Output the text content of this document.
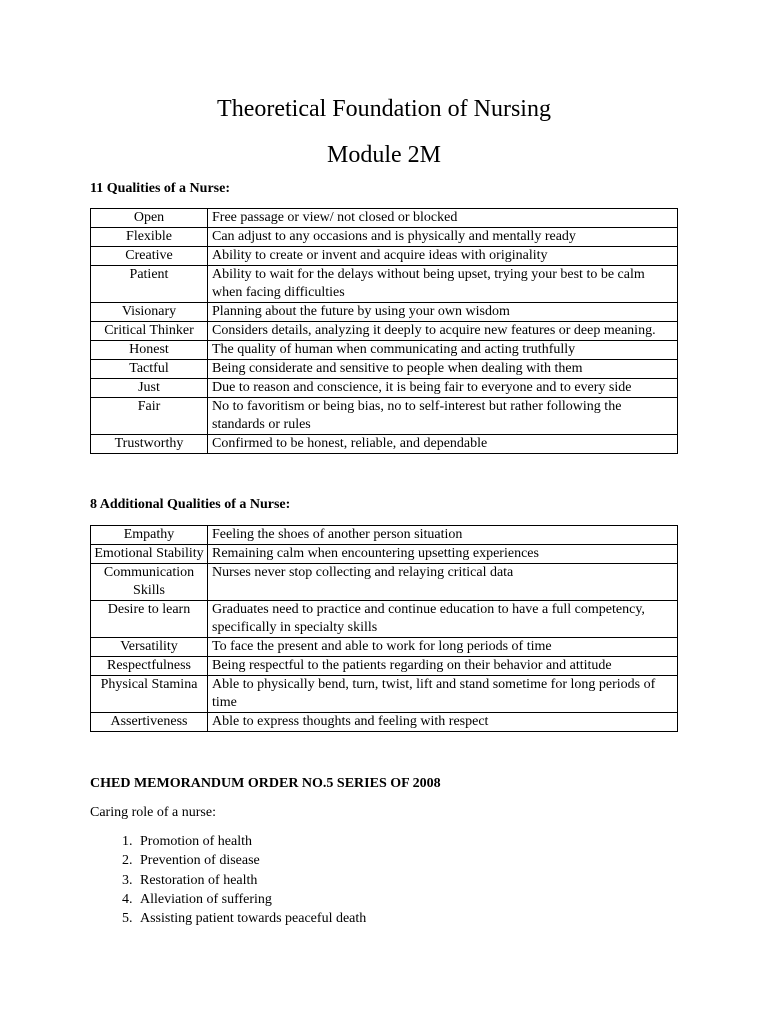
Theoretical Foundation of Nursing
Module 2M
11 Qualities of a Nurse:
Open	Free passage or view/ not closed or blocked
Flexible	Can adjust to any occasions and is physically and mentally ready
Creative	Ability to create or invent and acquire ideas with originality
Patient	Ability to wait for the delays without being upset, trying your best to be calm when facing difficulties
Visionary	Planning about the future by using your own wisdom
Critical Thinker	Considers details, analyzing it deeply to acquire new features or deep meaning.
Honest	The quality of human when communicating and acting truthfully
Tactful	Being considerate and sensitive to people when dealing with them
Just	Due to reason and conscience, it is being fair to everyone and to every side
Fair	No to favoritism or being bias, no to self-interest but rather following the standards or rules
Trustworthy	Confirmed to be honest, reliable, and dependable
8 Additional Qualities of a Nurse:
Empathy	Feeling the shoes of another person situation
Emotional Stability	Remaining calm when encountering upsetting experiences
Communication Skills	Nurses never stop collecting and relaying critical data
Desire to learn	Graduates need to practice and continue education to have a full competency, specifically in specialty skills
Versatility	To face the present and able to work for long periods of time
Respectfulness	Being respectful to the patients regarding on their behavior and attitude
Physical Stamina	Able to physically bend, turn, twist, lift and stand sometime for long periods of time
Assertiveness	Able to express thoughts and feeling with respect
CHED MEMORANDUM ORDER NO.5 SERIES OF 2008
Caring role of a nurse:
1. Promotion of health
2. Prevention of disease
3. Restoration of health
4. Alleviation of suffering
5. Assisting patient towards peaceful death
